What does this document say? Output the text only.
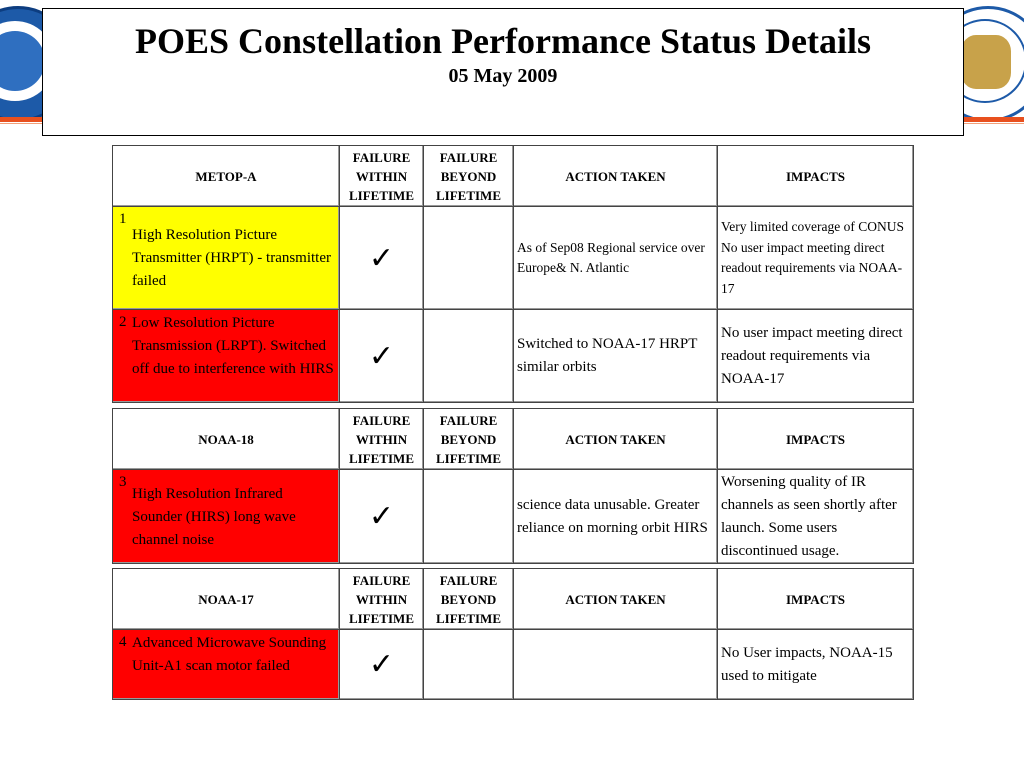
POES Constellation Performance Status Details
05 May 2009
METOP-A	FAILURE WITHIN LIFETIME	FAILURE BEYOND LIFETIME	ACTION TAKEN	IMPACTS

1
High Resolution Picture Transmitter (HRPT) - transmitter failed	✓		As of Sep08 Regional service over Europe& N. Atlantic	Very limited coverage of CONUS No user impact meeting direct readout requirements via NOAA-17

2 Low Resolution Picture Transmission (LRPT). Switched off due to interference with HIRS	✓		Switched to NOAA-17 HRPT similar orbits	No user impact meeting direct readout requirements via NOAA-17
NOAA-18	FAILURE WITHIN LIFETIME	FAILURE BEYOND LIFETIME	ACTION TAKEN	IMPACTS

3
High Resolution Infrared Sounder (HIRS) long wave channel noise	✓		science data unusable. Greater reliance on morning orbit HIRS	Worsening quality of IR channels as seen shortly after launch. Some users discontinued usage.
NOAA-17	FAILURE WITHIN LIFETIME	FAILURE BEYOND LIFETIME	ACTION TAKEN	IMPACTS

4 Advanced Microwave Sounding Unit-A1 scan motor failed	✓			No User impacts, NOAA-15 used to mitigate
